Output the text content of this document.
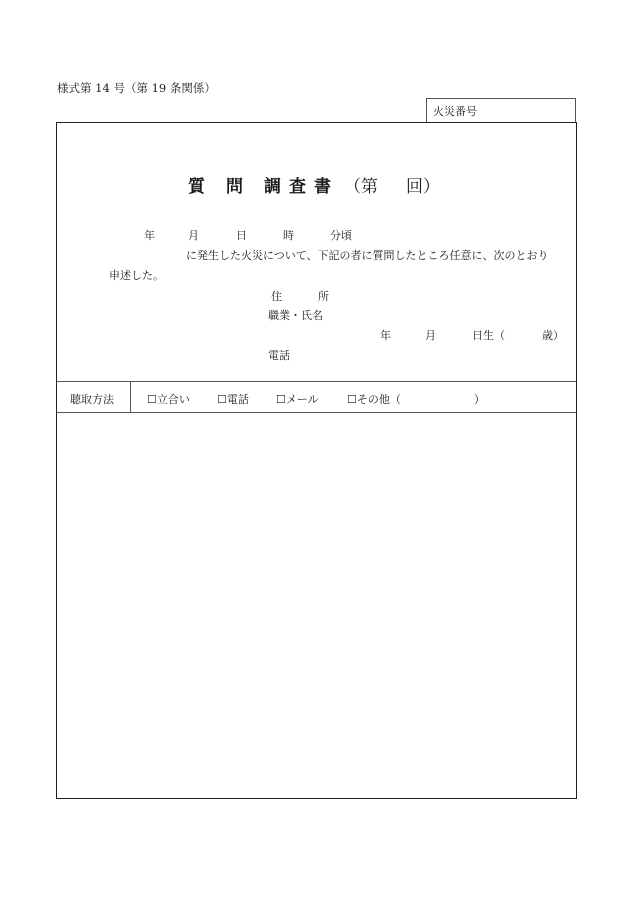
様式第 14 号（第 19 条関係）
火災番号
質 問 調 査 書 （第 回）
年	月	日	時	分頃
に発生した火災について、下記の者に質問したところ任意に、次のとおり
申述した。
住	所
職業・氏名
年	月	日生（	歳）
電話
聴取方法	☐立合い ☐電話 ☐メール	☐その他（	）
